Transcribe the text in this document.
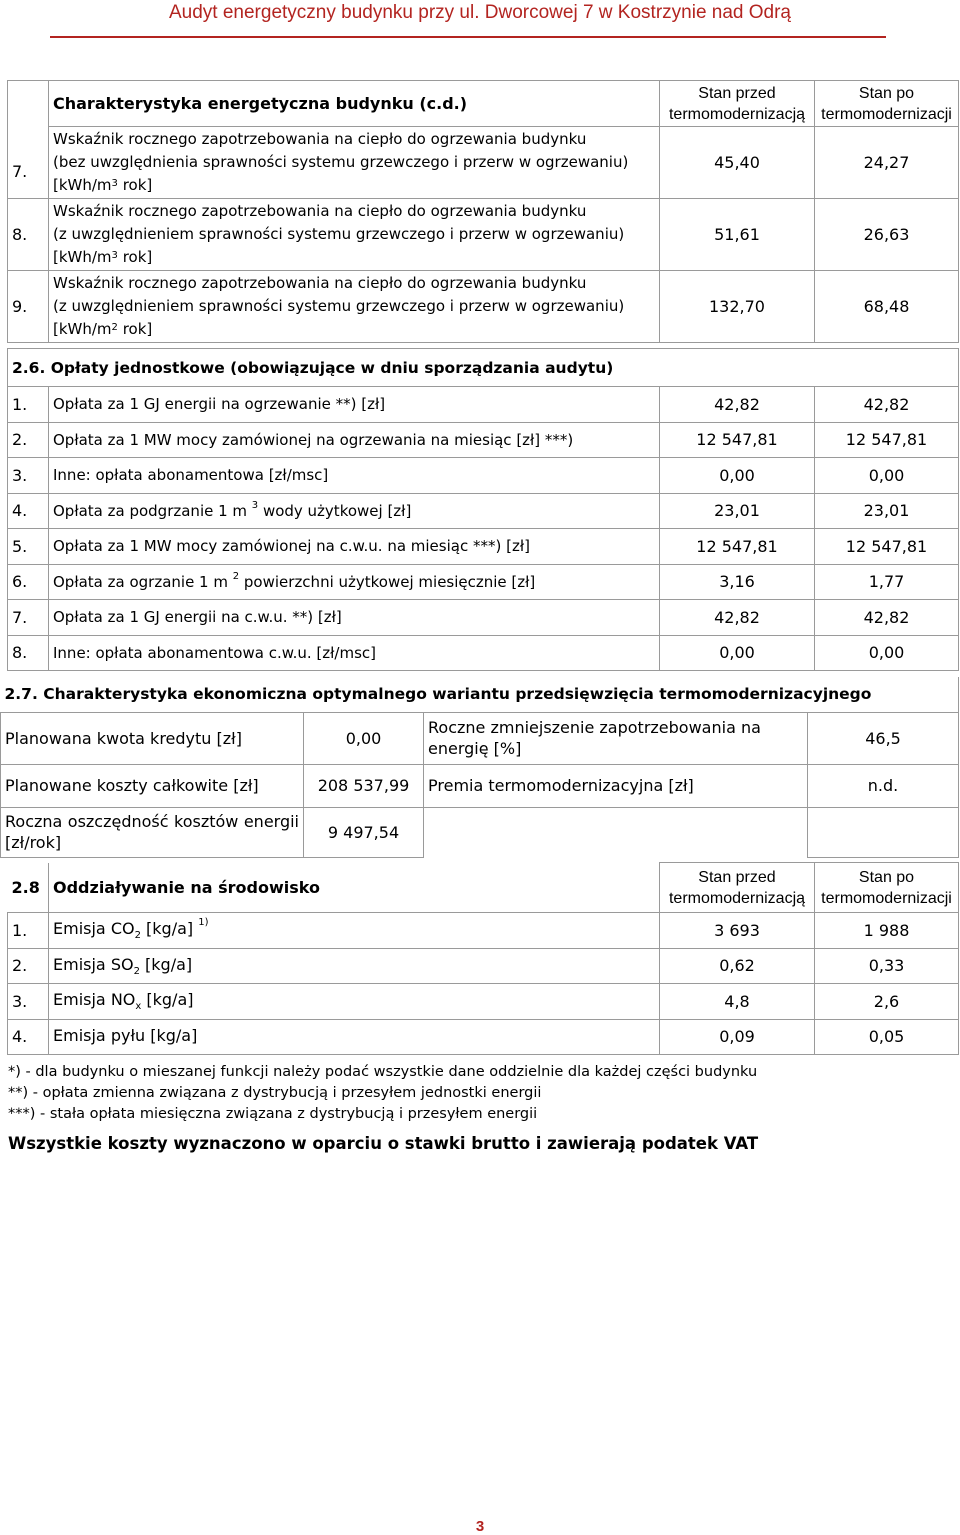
Audyt energetyczny budynku przy ul. Dworcowej 7 w Kostrzynie nad Odrą
	Charakterystyka energetyczna budynku (c.d.)	Stan przed termomodernizacją	Stan po termomodernizacji
7.	Wskaźnik rocznego zapotrzebowania na ciepło do ogrzewania budynku
(bez uwzględnienia sprawności systemu grzewczego i przerw w ogrzewaniu)
[$kWh/m^3$ rok]	45,40	24,27
8.	Wskaźnik rocznego zapotrzebowania na ciepło do ogrzewania budynku
(z uwzględnieniem sprawności systemu grzewczego i przerw w ogrzewaniu)
[$kWh/m^3$ rok]	51,61	26,63
9.	Wskaźnik rocznego zapotrzebowania na ciepło do ogrzewania budynku
(z uwzględnieniem sprawności systemu grzewczego i przerw w ogrzewaniu)
[$kWh/m^2$ rok]	132,70	68,48
2.6. Opłaty jednostkowe (obowiązujące w dniu sporządzania audytu)			
1.	Opłata za 1 GJ energii na ogrzewanie **) [zł]	42,82	42,82
2.	Opłata za 1 MW mocy zamówionej na ogrzewania na miesiąc [zł] ***)	12 547,81	12 547,81
3.	Inne: opłata abonamentowa [zł/msc]	0,00	0,00
4.	Opłata za podgrzanie 1 m $^3$ wody użytkowej [zł]	23,01	23,01
5.	Opłata za 1 MW mocy zamówionej na c.w.u. na miesiąc ***) [zł]	12 547,81	12 547,81
6.	Opłata za ogrzanie 1 m $^2$ powierzchni użytkowej miesięcznie [zł]	3,16	1,77
7.	Opłata za 1 GJ energii na c.w.u. **) [zł]	42,82	42,82
8.	Inne: opłata abonamentowa c.w.u. [zł/msc]	0,00	0,00
2.7. Charakterystyka ekonomiczna optymalnego wariantu przedsięwzięcia termomodernizacyjnego			
Planowana kwota kredytu [zł]	0,00	Roczne zmniejszenie zapotrzebowania na energię [%]	46,5
Planowane koszty całkowite [zł]	208 537,99	Premia termomodernizacyjna [zł]	n.d.
Roczna oszczędność kosztów energii [zł/rok]	9 497,54		
2.8	Oddziaływanie na środowisko	Stan przed termomodernizacją	Stan po termomodernizacji
1.	Emisja $CO_2$ [kg/a] $^{1)}$	3 693	1 988
2.	Emisja $SO_2$ [kg/a]	0,62	0,33
3.	Emisja $NO_x$ [kg/a]	4,8	2,6
4.	Emisja pyłu [kg/a]	0,09	0,05
*) - dla budynku o mieszanej funkcji należy podać wszystkie dane oddzielnie dla każdej części budynku
**) - opłata zmienna związana z dystrybucją i przesyłem jednostki energii
***) - stała opłata miesięczna związana z dystrybucją i przesyłem energii
Wszystkie koszty wyznaczono w oparciu o stawki brutto i zawierają podatek VAT
3
